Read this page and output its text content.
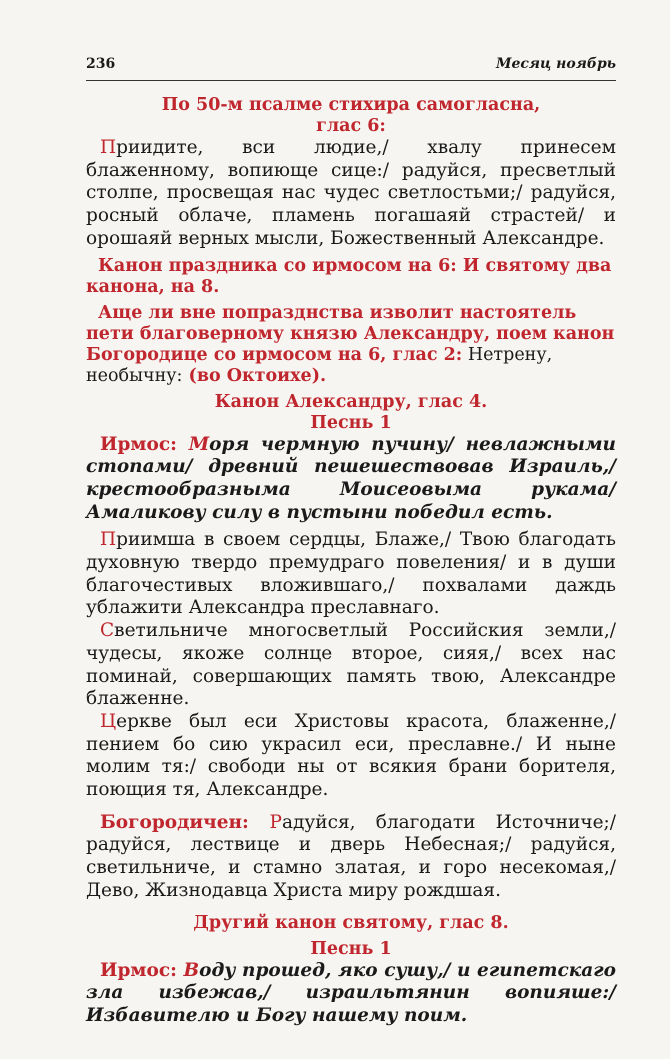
236	Месяц ноябрь

По 50-м псалме стихира самогласна,

глас 6:

Приидите, вси людие,/ хвалу принесем блаженному, вопиюще сице:/ радуйся, пресветлый столпе, просвещая нас чудес светлостьми;/ радуйся, росный облаче, пламень погашаяй страстей/ и орошаяй верных мысли, Божественный Александре.

Канон праздника со ирмосом на 6: И святому два канона, на 8.

Аще ли вне попразднства изволит настоятель пети благоверному князю Александру, поем канон Богородице со ирмосом на 6, глас 2: Нетрену, необычну: (во Октоихе).

Канон Александру, глас 4.

Песнь 1

Ирмос: Моря чермную пучину/ невлажными стопами/ древний пешешествовав Израиль,/ крестообразныма Моисеовыма рукама/ Амаликову силу в пустыни победил есть.

Приимша в своем сердцы, Блаже,/ Твою благодать духовную твердо премудраго повеления/ и в души благочестивых вложившаго,/ похвалами даждь ублажити Александра преславнаго.

Светильниче многосветлый Российския земли,/ чудесы, якоже солнце второе, сияя,/ всех нас поминай, совершающих память твою, Александре блаженне.

Церкве был еси Христовы красота, блаженне,/ пением бо сию украсил еси, преславне./ И ныне молим тя:/ свободи ны от всякия брани борителя, поющия тя, Александре.

Богородичен: Радуйся, благодати Источниче;/ радуйся, лествице и дверь Небесная;/ радуйся, светильниче, и стамно златая, и горо несекомая,/ Дево, Жизнодавца Христа миру рождшая.

Другий канон святому, глас 8.

Песнь 1

Ирмос: Воду прошед, яко сушу,/ и египетскаго зла избежав,/ израильтянин вопияше:/ Избавителю и Богу нашему поим.
